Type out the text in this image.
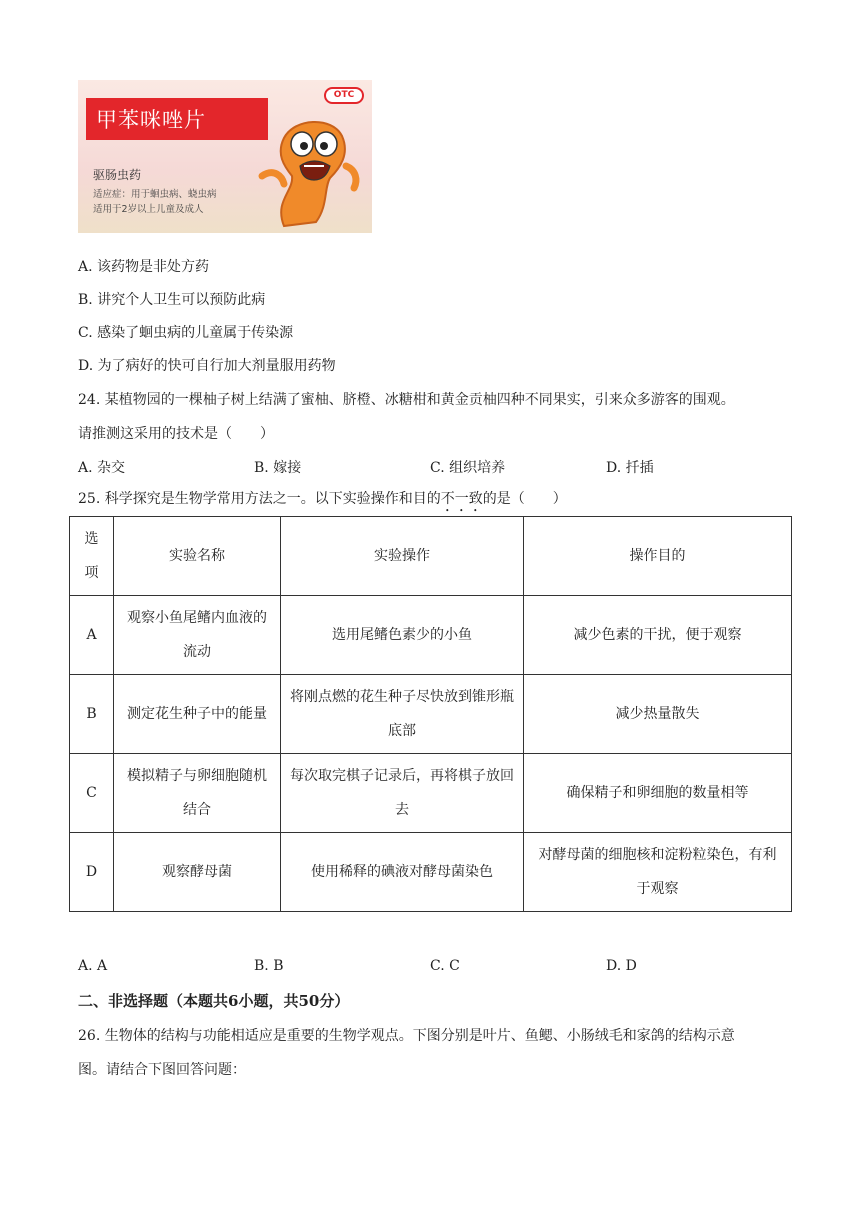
甲苯咪唑片
OTC
驱肠虫药
适应症：用于蛔虫病、蛲虫病
适用于2岁以上儿童及成人
A. 该药物是非处方药
B. 讲究个人卫生可以预防此病
C. 感染了蛔虫病的儿童属于传染源
D. 为了病好的快可自行加大剂量服用药物
24. 某植物园的一棵柚子树上结满了蜜柚、脐橙、冰糖柑和黄金贡柚四种不同果实，引来众多游客的围观。
请推测这采用的技术是（　　）
A. 杂交	B. 嫁接	C. 组织培养	D. 扦插
25. 科学探究是生物学常用方法之一。以下实验操作和目的不一致的是（　　）
选项	实验名称	实验操作	操作目的
A	观察小鱼尾鳍内血液的流动	选用尾鳍色素少的小鱼	减少色素的干扰，便于观察
B	测定花生种子中的能量	将刚点燃的花生种子尽快放到锥形瓶底部	减少热量散失
C	模拟精子与卵细胞随机结合	每次取完棋子记录后，再将棋子放回去	确保精子和卵细胞的数量相等
D	观察酵母菌	使用稀释的碘液对酵母菌染色	对酵母菌的细胞核和淀粉粒染色，有利于观察
A. A	B. B	C. C	D. D
二、非选择题（本题共6小题，共50分）
26. 生物体的结构与功能相适应是重要的生物学观点。下图分别是叶片、鱼鳃、小肠绒毛和家鸽的结构示意
图。请结合下图回答问题：
